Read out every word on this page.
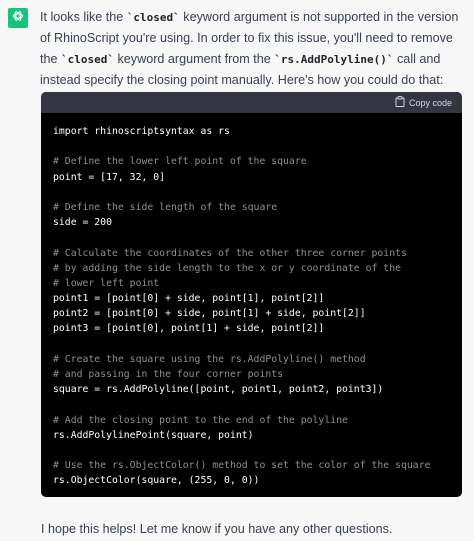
It looks like the `closed` keyword argument is not supported in the version of RhinoScript you're using. In order to fix this issue, you'll need to remove the `closed` keyword argument from the `rs.AddPolyline()` call and instead specify the closing point manually. Here's how you could do that:

Copy code
import rhinoscriptsyntax as rs
# Define the lower left point of the square
point = [17, 32, 0]
# Define the side length of the square
side = 200
# Calculate the coordinates of the other three corner points
# by adding the side length to the x or y coordinate of the
# lower left point
point1 = [point[0] + side, point[1], point[2]]
point2 = [point[0] + side, point[1] + side, point[2]]
point3 = [point[0], point[1] + side, point[2]]
# Create the square using the rs.AddPolyline() method
# and passing in the four corner points
square = rs.AddPolyline([point, point1, point2, point3])
# Add the closing point to the end of the polyline
rs.AddPolylinePoint(square, point)
# Use the rs.ObjectColor() method to set the color of the square
rs.ObjectColor(square, (255, 0, 0))
I hope this helps! Let me know if you have any other questions.
